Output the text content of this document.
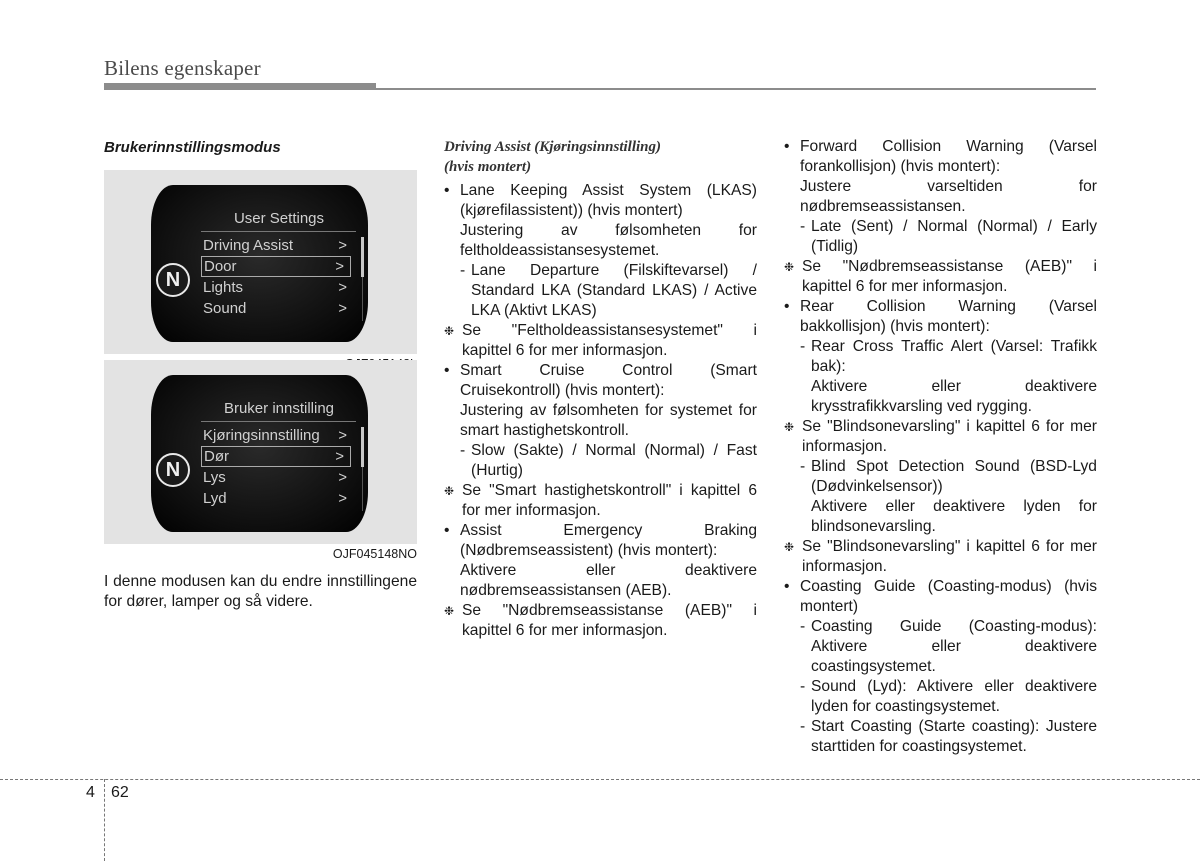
Bilens egenskaper
Brukerinnstillingsmodus
N
User Settings
Driving Assist	>
Door	>
Lights	>
Sound	>
N
Bruker innstilling
Kjøringsinnstilling >
Dør	>
Lys	>
Lyd	>
OJF045148NO

I denne modusen kan du endre innstillingene for dører, lamper og så videre.

Driving Assist (Kjøringsinnstilling)
(hvis montert)

• Lane Keeping Assist System (LKAS) (kjørefilassistent)) (hvis montert)

Justering av følsomheten for feltholdeassistansesystemet.

- Lane Departure (Filskiftevarsel) / Standard LKA (Standard LKAS) / Active LKA (Aktivt LKAS)

❉ Se "Feltholdeassistansesystemet" i kapittel 6 for mer informasjon.

• Smart Cruise Control (Smart Cruisekontroll) (hvis montert):

Justering av følsomheten for systemet for smart hastighetskontroll.

- Slow (Sakte) / Normal (Normal) / Fast (Hurtig)

❉ Se "Smart hastighetskontroll" i kapittel 6 for mer informasjon.

• Assist Emergency Braking (Nødbremseassistent) (hvis montert):

Aktivere eller deaktivere nødbremseassistansen (AEB).

❉ Se "Nødbremseassistanse (AEB)" i kapittel 6 for mer informasjon.

• Forward Collision Warning (Varsel forankollisjon) (hvis montert):

Justere varseltiden for nødbremseassistansen.

- Late (Sent) / Normal (Normal) / Early (Tidlig)

❉ Se "Nødbremseassistanse (AEB)" i kapittel 6 for mer informasjon.

• Rear Collision Warning (Varsel bakkollisjon) (hvis montert):

- Rear Cross Traffic Alert (Varsel: Trafikk bak):

Aktivere eller deaktivere krysstrafikkvarsling ved rygging.

❉ Se "Blindsonevarsling" i kapittel 6 for mer informasjon.

- Blind Spot Detection Sound (BSD-Lyd (Dødvinkelsensor))

Aktivere eller deaktivere lyden for blindsonevarsling.

❉ Se "Blindsonevarsling" i kapittel 6 for mer informasjon.

• Coasting Guide (Coasting-modus) (hvis montert)

- Coasting Guide (Coasting-modus): Aktivere eller deaktivere coastingsystemet.

- Sound (Lyd): Aktivere eller deaktivere lyden for coastingsystemet.

- Start Coasting (Starte coasting): Justere starttiden for coastingsystemet.

4 62
